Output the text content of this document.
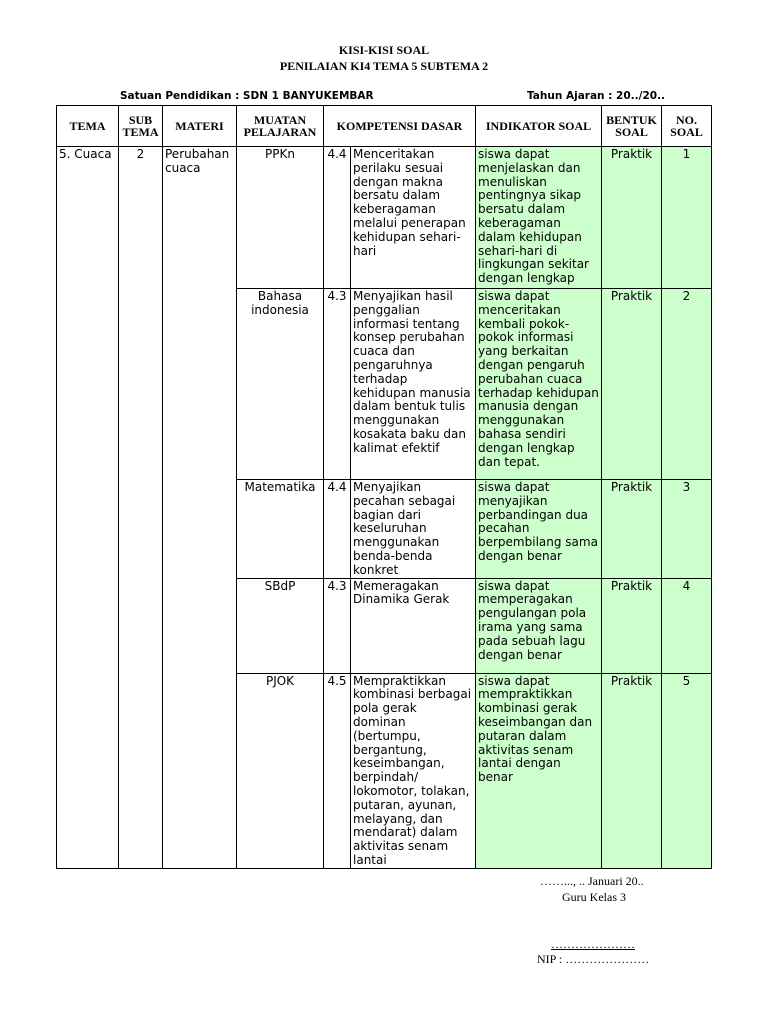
KISI-KISI SOAL
PENILAIAN KI4 TEMA 5 SUBTEMA 2
Satuan Pendidikan : SDN 1 BANYUKEMBAR	Tahun Ajaran : 20../20..
TEMA	SUB TEMA	MATERI	MUATAN PELAJARAN	KOMPETENSI DASAR		INDIKATOR SOAL	BENTUK SOAL	NO. SOAL
5. Cuaca	2	Perubahan cuaca	PPKn	4.4	Menceritakan perilaku sesuai dengan makna bersatu dalam keberagaman melalui penerapan kehidupan sehari-hari	siswa dapat menjelaskan dan menuliskan pentingnya sikap bersatu dalam keberagaman dalam kehidupan sehari-hari di lingkungan sekitar dengan lengkap	Praktik	1
			Bahasa indonesia	4.3	Menyajikan hasil penggalian informasi tentang konsep perubahan cuaca dan pengaruhnya terhadap kehidupan manusia dalam bentuk tulis menggunakan kosakata baku dan kalimat efektif	siswa dapat menceritakan kembali pokok-pokok informasi yang berkaitan dengan pengaruh perubahan cuaca terhadap kehidupan manusia dengan menggunakan bahasa sendiri dengan lengkap dan tepat.	Praktik	2
			Matematika	4.4	Menyajikan pecahan sebagai bagian dari keseluruhan menggunakan benda-benda konkret	siswa dapat menyajikan perbandingan dua pecahan berpembilang sama dengan benar	Praktik	3
			SBdP	4.3	Memeragakan Dinamika Gerak	siswa dapat memperagakan pengulangan pola irama yang sama pada sebuah lagu dengan benar	Praktik	4
			PJOK	4.5	Mempraktikkan kombinasi berbagai pola gerak dominan (bertumpu, bergantung, keseimbangan, berpindah/ lokomotor, tolakan, putaran, ayunan, melayang, dan mendarat) dalam aktivitas senam lantai	siswa dapat mempraktikkan kombinasi gerak keseimbangan dan putaran dalam aktivitas senam lantai dengan benar	Praktik	5
……..., .. Januari 20..
Guru Kelas 3
…………………
NIP : …………………
